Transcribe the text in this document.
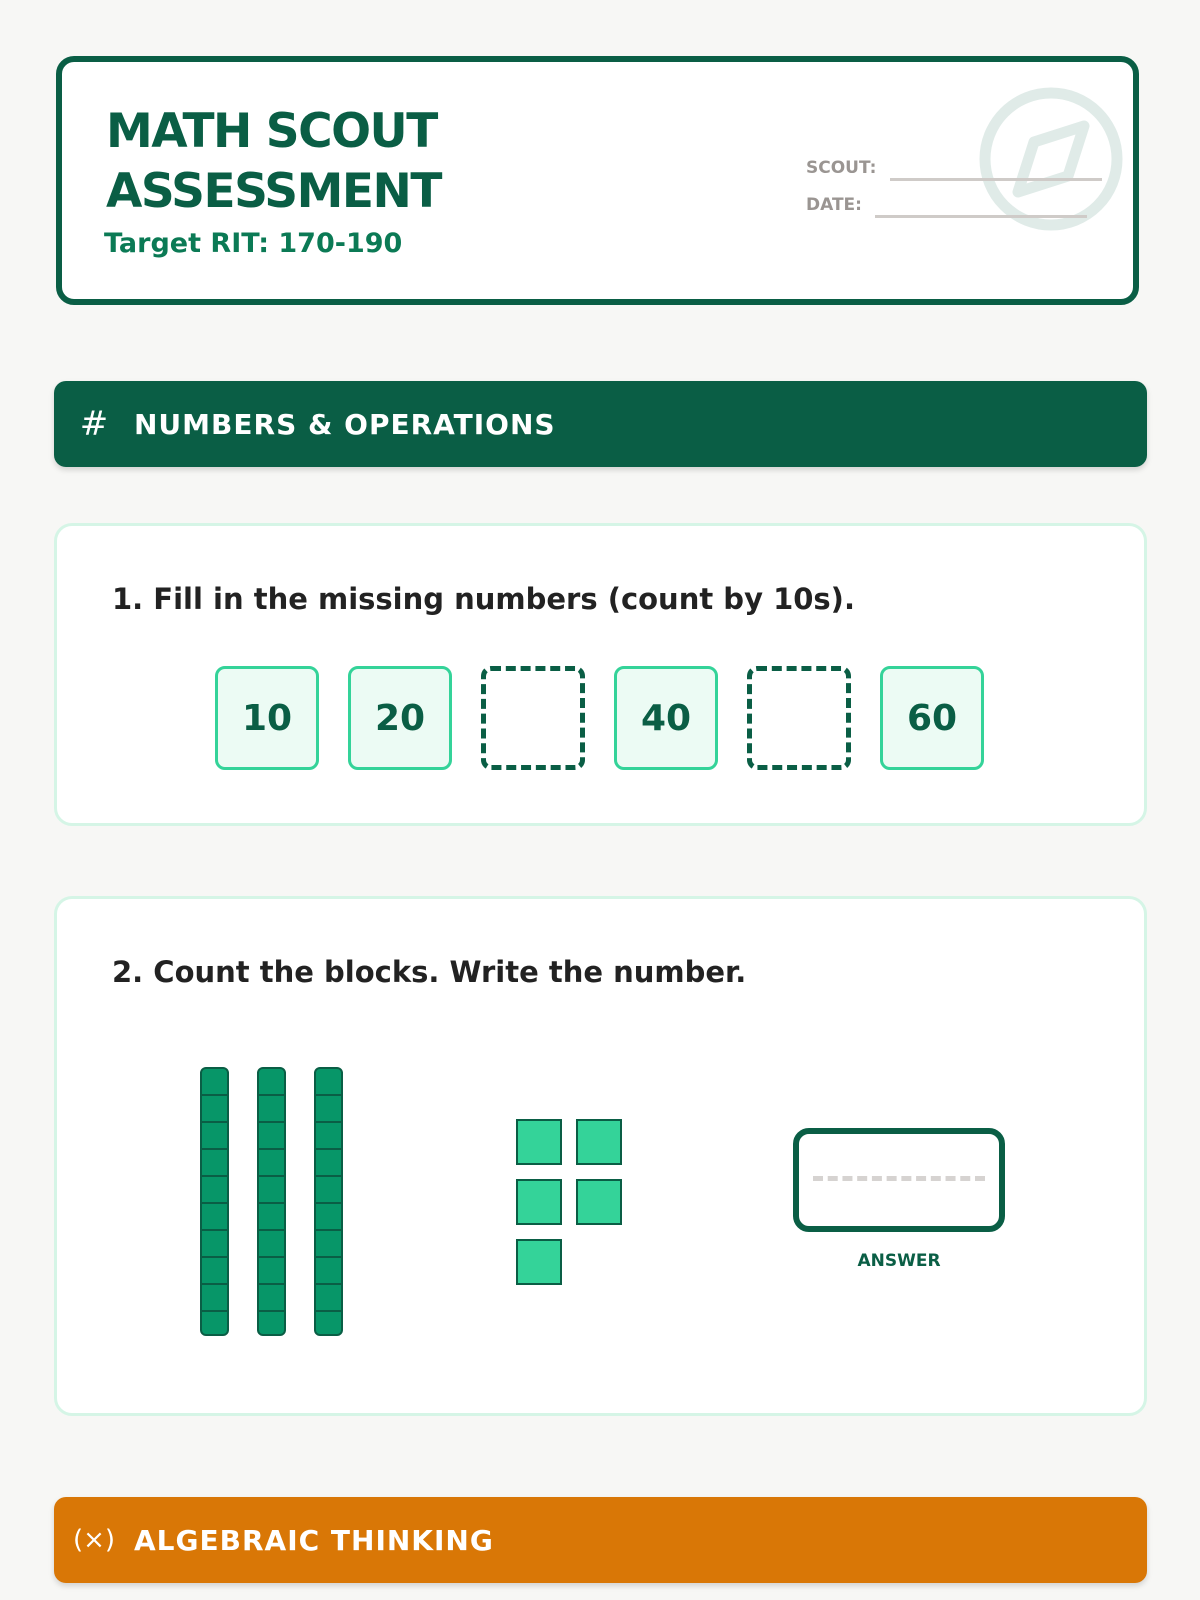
MATH SCOUT
ASSESSMENT
Target RIT: 170-190
SCOUT:
DATE:
# NUMBERS & OPERATIONS
1. Fill in the missing numbers (count by 10s).
10	20	40	60
2. Count the blocks. Write the number.
ANSWER
(×) ALGEBRAIC THINKING
